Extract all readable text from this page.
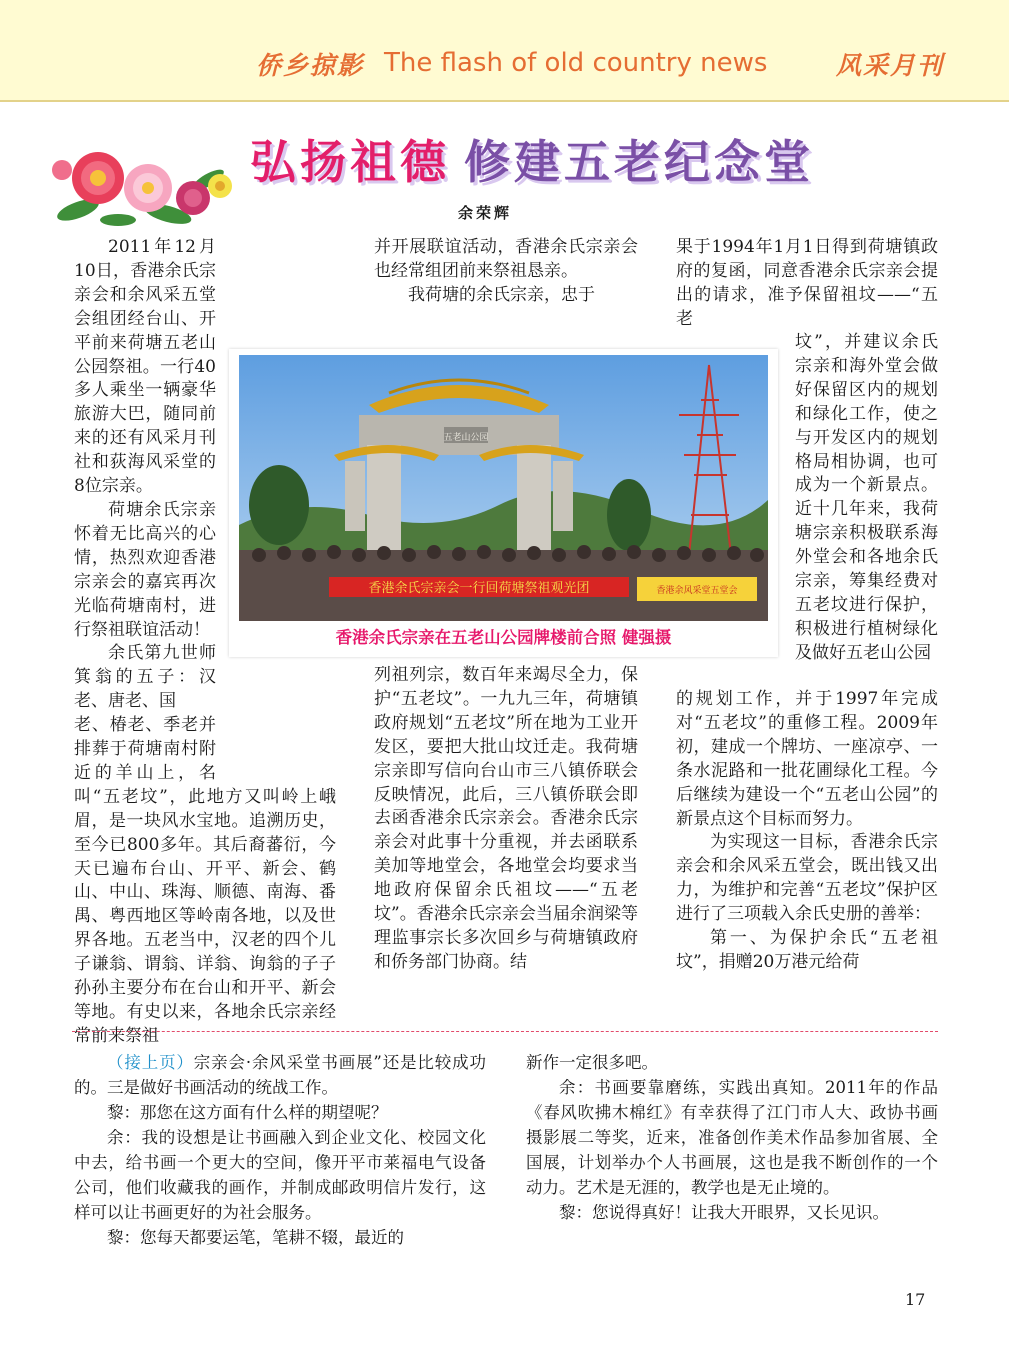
侨乡掠影 The flash of old country news	风采月刊
弘扬祖德 修建五老纪念堂
余荣辉

2011年12月10日，香港余氏宗亲会和余风采五堂会组团经台山、开平前来荷塘五老山公园祭祖。一行40多人乘坐一辆豪华旅游大巴，随同前来的还有风采月刊社和荻海风采堂的8位宗亲。

荷塘余氏宗亲怀着无比高兴的心情，热烈欢迎香港宗亲会的嘉宾再次光临荷塘南村，进行祭祖联谊活动！

余氏第九世师箕翁的五子：汉老、唐老、国

老、椿老、季老并排葬于荷塘南村附近的羊山上，名叫“五老坟”，此地方又叫岭上峨眉，是一块风水宝地。追溯历史，至今已800多年。其后裔蕃衍，今天已遍布台山、开平、新会、鹤山、中山、珠海、顺德、南海、番禺、粤西地区等岭南各地，以及世界各地。五老当中，汉老的四个儿子谦翁、谓翁、详翁、询翁的子子孙孙主要分布在台山和开平、新会等地。有史以来，各地余氏宗亲经常前来祭祖

并开展联谊活动，香港余氏宗亲会也经常组团前来祭祖恳亲。

我荷塘的余氏宗亲，忠于

列祖列宗，数百年来竭尽全力，保护“五老坟”。一九九三年，荷塘镇政府规划“五老坟”所在地为工业开发区，要把大批山坟迁走。我荷塘宗亲即写信向台山市三八镇侨联会反映情况，此后，三八镇侨联会即去函香港余氏宗亲会。香港余氏宗亲会对此事十分重视，并去函联系美加等地堂会，各地堂会均要求当地政府保留余氏祖坟——“五老坟”。香港余氏宗亲会当届余润梁等理监事宗长多次回乡与荷塘镇政府和侨务部门协商。结

果于1994年1月1日得到荷塘镇政府的复函，同意香港余氏宗亲会提出的请求，准予保留祖坟——“五老

坟”，并建议余氏宗亲和海外堂会做好保留区内的规划和绿化工作，使之与开发区内的规划格局相协调，也可成为一个新景点。近十几年来，我荷塘宗亲积极联系海外堂会和各地余氏宗亲，筹集经费对五老坟进行保护，积极进行植树绿化及做好五老山公园

的规划工作，并于1997年完成对“五老坟”的重修工程。2009年初，建成一个牌坊、一座凉亭、一条水泥路和一批花圃绿化工程。今后继续为建设一个“五老山公园”的新景点这个目标而努力。

为实现这一目标，香港余氏宗亲会和余风采五堂会，既出钱又出力，为维护和完善“五老坟”保护区进行了三项载入余氏史册的善举：

第一、为保护余氏“五老祖坟”，捐赠20万港元给荷

五老山公园
香港余氏宗亲会一行回荷塘祭祖观光团	香港余风采堂五堂会
香港余氏宗亲在五老山公园牌楼前合照 健强摄

（接上页）宗亲会·余风采堂书画展”还是比较成功的。三是做好书画活动的统战工作。

黎：那您在这方面有什么样的期望呢？

余：我的设想是让书画融入到企业文化、校园文化中去，给书画一个更大的空间，像开平市莱福电气设备公司，他们收藏我的画作，并制成邮政明信片发行，这样可以让书画更好的为社会服务。

黎：您每天都要运笔，笔耕不辍，最近的

新作一定很多吧。

余：书画要靠磨练，实践出真知。2011年的作品《春风吹拂木棉红》有幸获得了江门市人大、政协书画摄影展二等奖，近来，准备创作美术作品参加省展、全国展，计划举办个人书画展，这也是我不断创作的一个动力。艺术是无涯的，教学也是无止境的。

黎：您说得真好！让我大开眼界，又长见识。

17
